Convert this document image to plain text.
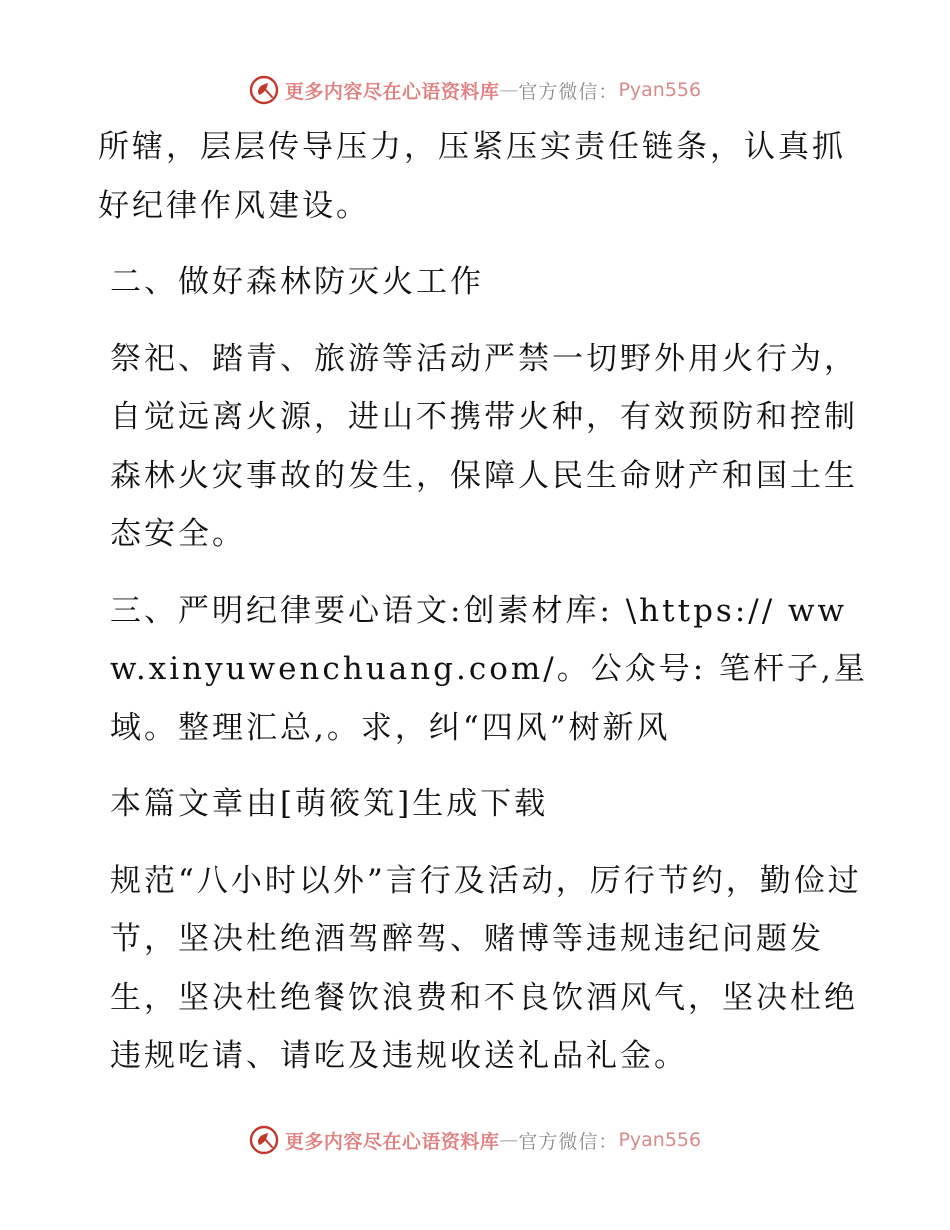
更多内容尽在心语资料库 — 官方微信： Pyan556

所辖，层层传导压力，压紧压实责任链条，认真抓好纪律作风建设。

二、做好森林防灭火工作

祭祀、踏青、旅游等活动严禁一切野外用火行为，自觉远离火源，进山不携带火种，有效预防和控制森林火灾事故的发生，保障人民生命财产和国土生态安全。

三、严明纪律要心语文:创素材库: \https:// www.xinyuwenchuang.com/。公众号: 笔杆子,星域。整理汇总,。求，纠“四风”树新风

本篇文章由[萌筱笂]生成下载

规范“八小时以外”言行及活动，厉行节约，勤俭过节，坚决杜绝酒驾醉驾、赌博等违规违纪问题发生，坚决杜绝餐饮浪费和不良饮酒风气，坚决杜绝违规吃请、请吃及违规收送礼品礼金。

更多内容尽在心语资料库 — 官方微信： Pyan556
